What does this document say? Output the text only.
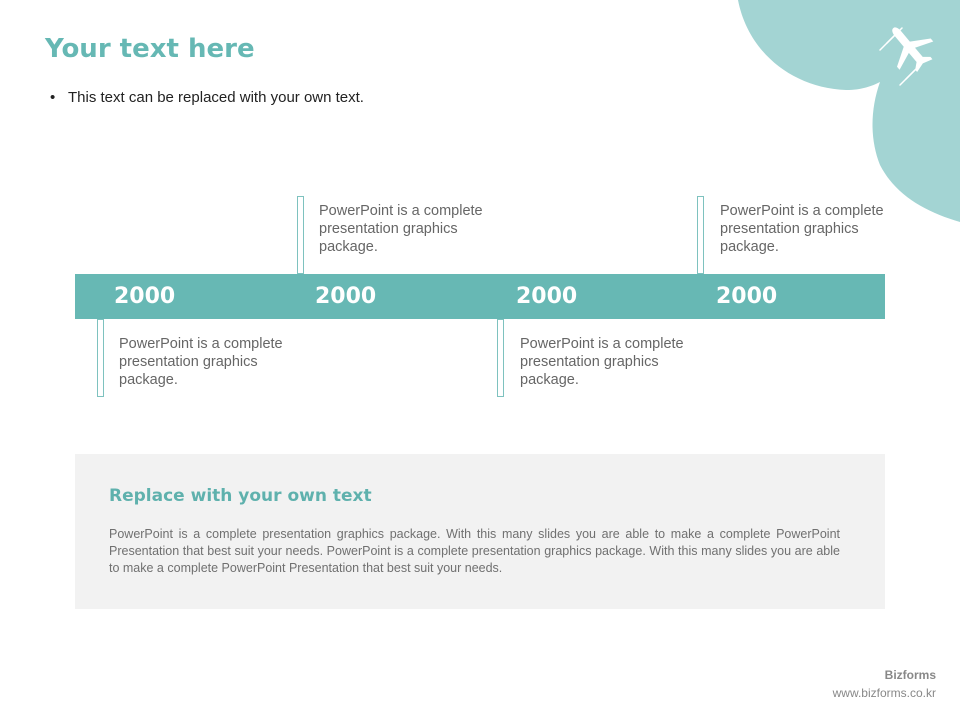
Your text here
• This text can be replaced with your own text.
2000	2000	2000	2000
PowerPoint is a complete presentation graphics package.
PowerPoint is a complete presentation graphics package.
PowerPoint is a complete presentation graphics package.
PowerPoint is a complete presentation graphics package.
Replace with your own text
PowerPoint is a complete presentation graphics package. With this many slides you are able to make a complete PowerPoint Presentation that best suit your needs. PowerPoint is a complete presentation graphics package. With this many slides you are able to make a complete PowerPoint Presentation that best suit your needs.
Bizforms
www.bizforms.co.kr
